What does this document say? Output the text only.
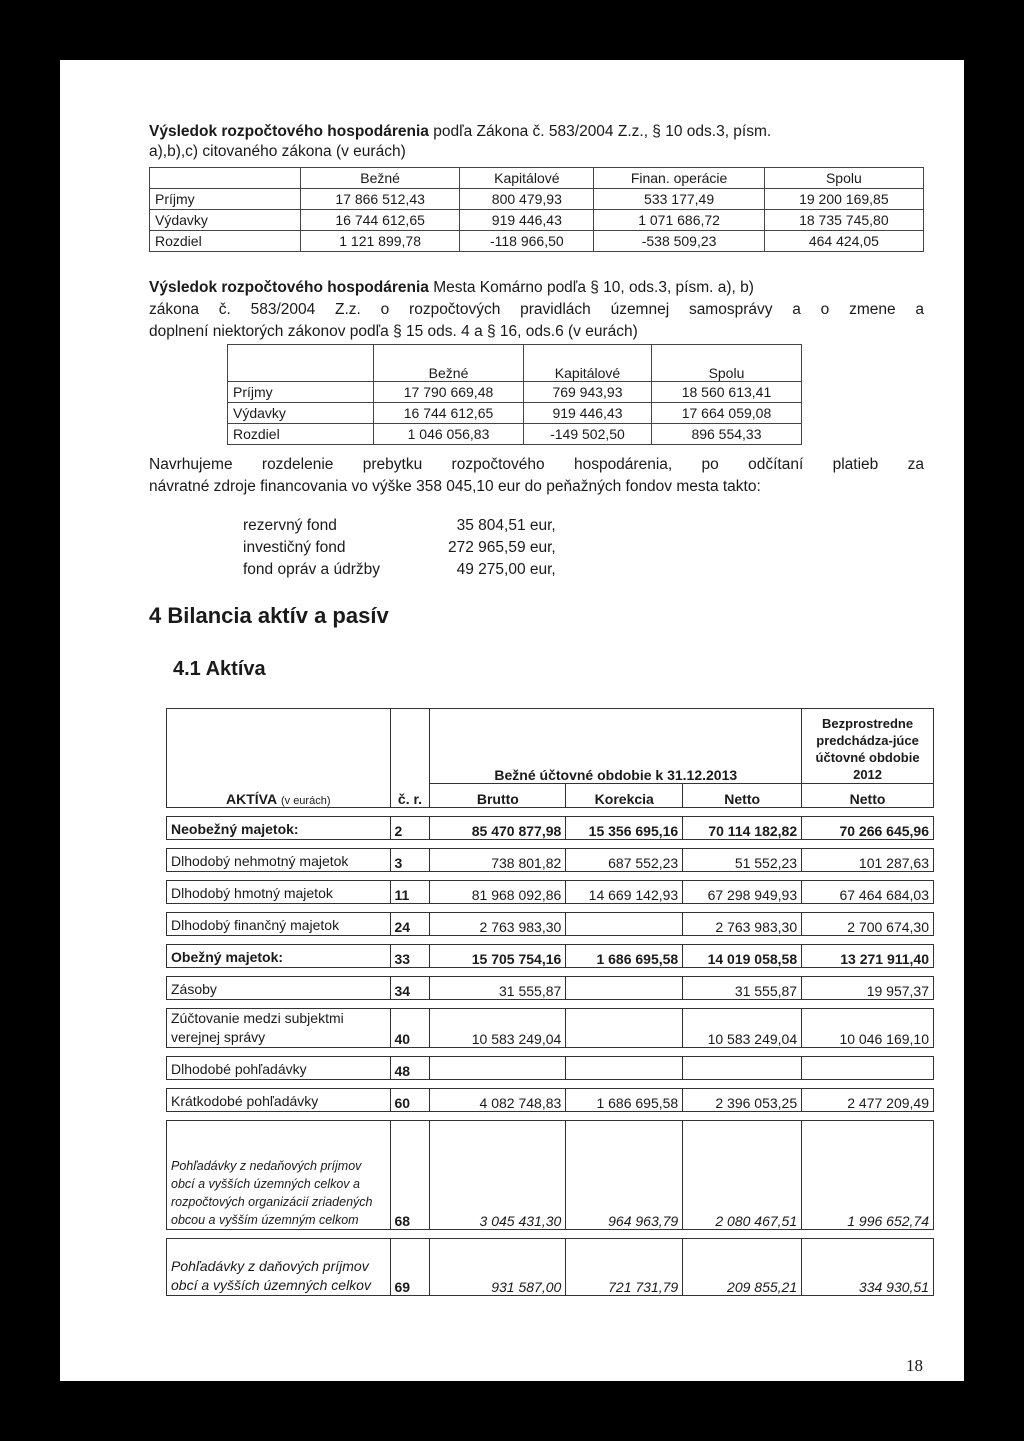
Výsledok rozpočtového hospodárenia podľa Zákona č. 583/2004 Z.z., § 10 ods.3, písm.
a),b),c) citovaného zákona (v eurách)
	Bežné	Kapitálové	Finan. operácie	Spolu
Príjmy	17 866 512,43	800 479,93	533 177,49	19 200 169,85
Výdavky	16 744 612,65	919 446,43	1 071 686,72	18 735 745,80
Rozdiel	1 121 899,78	-118 966,50	-538 509,23	464 424,05
Výsledok rozpočtového hospodárenia Mesta Komárno podľa § 10, ods.3, písm. a), b)
zákona č. 583/2004 Z.z. o rozpočtových pravidlách územnej samosprávy a o zmene a
doplnení niektorých zákonov podľa § 15 ods. 4 a § 16, ods.6 (v eurách)
	Bežné	Kapitálové	Spolu
Príjmy	17 790 669,48	769 943,93	18 560 613,41
Výdavky	16 744 612,65	919 446,43	17 664 059,08
Rozdiel	1 046 056,83	-149 502,50	896 554,33
Navrhujeme rozdelenie prebytku rozpočtového hospodárenia, po odčítaní platieb za
návratné zdroje financovania vo výške 358 045,10 eur do peňažných fondov mesta takto:
rezervný fond	35 804,51 eur,
investičný fond	272 965,59 eur,
fond opráv a údržby	49 275,00 eur,
4 Bilancia aktív a pasív
4.1 Aktíva
AKTÍVA (v eurách)	č. r.	Bežné účtovné obdobie k 31.12.2013			Bezprostredne predchádza-júce účtovné obdobie 2012
		Brutto	Korekcia	Netto	Netto

Neobežný majetok:	2	85 470 877,98	15 356 695,16	70 114 182,82	70 266 645,96

Dlhodobý nehmotný majetok	3	738 801,82	687 552,23	51 552,23	101 287,63

Dlhodobý hmotný majetok	11	81 968 092,86	14 669 142,93	67 298 949,93	67 464 684,03

Dlhodobý finančný majetok	24	2 763 983,30		2 763 983,30	2 700 674,30

Obežný majetok:	33	15 705 754,16	1 686 695,58	14 019 058,58	13 271 911,40

Zásoby	34	31 555,87		31 555,87	19 957,37

Zúčtovanie medzi subjektmi verejnej správy	40	10 583 249,04		10 583 249,04	10 046 169,10

Dlhodobé pohľadávky	48				

Krátkodobé pohľadávky	60	4 082 748,83	1 686 695,58	2 396 053,25	2 477 209,49

Pohľadávky z nedaňových príjmov obcí a vyšších územných celkov a rozpočtových organizácií zriadených obcou a vyšším územným celkom	68	3 045 431,30	964 963,79	2 080 467,51	1 996 652,74

Pohľadávky z daňových príjmov obcí a vyšších územných celkov	69	931 587,00	721 731,79	209 855,21	334 930,51
18
